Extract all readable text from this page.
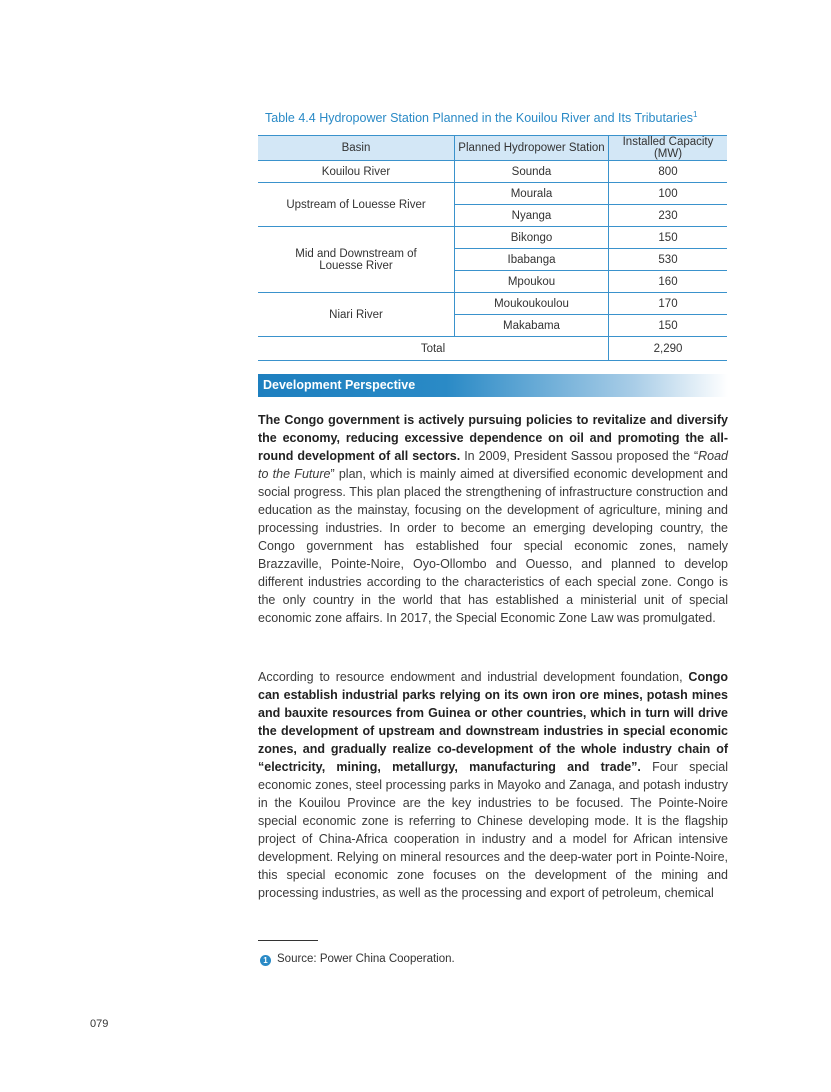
Table 4.4 Hydropower Station Planned in the Kouilou River and Its Tributaries$^1$
Basin	Planned Hydropower Station	Installed Capacity (MW)
Kouilou River	Sounda	800
Upstream of Louesse River	Mourala	100
	Nyanga	230
Mid and Downstream of Louesse River	Bikongo	150
	Ibabanga	530
	Mpoukou	160
Niari River	Moukoukoulou	170
	Makabama	150
Total		2,290
Development Perspective
The Congo government is actively pursuing policies to revitalize and diversify the economy, reducing excessive dependence on oil and promoting the all-round development of all sectors. In 2009, President Sassou proposed the “Road to the Future” plan, which is mainly aimed at diversified economic development and social progress. This plan placed the strengthening of infrastructure construction and education as the mainstay, focusing on the development of agriculture, mining and processing industries. In order to become an emerging developing country, the Congo government has established four special economic zones, namely Brazzaville, Pointe-Noire, Oyo-Ollombo and Ouesso, and planned to develop different industries according to the characteristics of each special zone. Congo is the only country in the world that has established a ministerial unit of special economic zone affairs. In 2017, the Special Economic Zone Law was promulgated.
According to resource endowment and industrial development foundation, Congo can establish industrial parks relying on its own iron ore mines, potash mines and bauxite resources from Guinea or other countries, which in turn will drive the development of upstream and downstream industries in special economic zones, and gradually realize co-development of the whole industry chain of “electricity, mining, metallurgy, manufacturing and trade”. Four special economic zones, steel processing parks in Mayoko and Zanaga, and potash industry in the Kouilou Province are the key industries to be focused. The Pointe-Noire special economic zone is referring to Chinese developing mode. It is the flagship project of China-Africa cooperation in industry and a model for African intensive development. Relying on mineral resources and the deep-water port in Pointe-Noire, this special economic zone focuses on the development of the mining and processing industries, as well as the processing and export of petroleum, chemical
1 Source: Power China Cooperation.
079
